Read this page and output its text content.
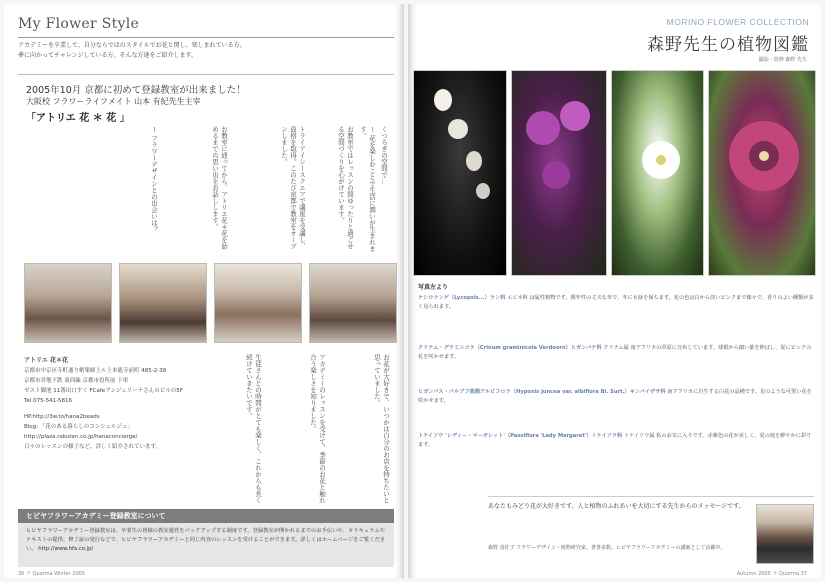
My Flower Style
アカデミーを卒業して、自分ならではのスタイルでお花と関し、楽しまれている方。
夢に向かってチャレンジしている方。そんな方達をご紹介します。
2005年10月 京都に初めて登録教室が出来ました！
大阪校 フラワーライフメイト 山本 有紀先生主宰
「アトリエ 花 ＊ 花 」
くつろぎの空間で…
ー 花を楽しむことで生活に潤いが生まれます。
お教室ではレッスンの間ゆったりと過ごせる空間づくりを心がけています。
トライアイシースクエアで講座を受講し、資格を取得。このたび京都で教室をオープンしました。
お教室に通ってから、アトリエ花＊花を始めるまでの思い出をお話しします。
ー フラワーデザインとの出会いは？
アトリエ 花＊花
京都市中京区寺町通り蛸薬師上ル上本能寺前町 485-2-38
京都市営地下鉄 東西線 京都市役所前 下車
ゼスト御池 11番出口すぐ FCafeアンジェリーナさんのビルの5F
Tel.075-541-5816
HP.http://3w.to/hana2beads
Blog: 「花のある暮らしのコンシェルジュ」
http://plaza.rakuten.co.jp/hanaconcierge/
日々のレッスンの様子など、詳しく紹介されています。	お花が大好きで、いつかは自分のお店を持ちたいと思っていました。
アカデミーのレッスンを受けて、季節のお花と触れ合う楽しさを知りました。
生徒さんとの時間がとても楽しく、これからも長く続けていきたいです。
ヒビヤフラワーアカデミー登録教室について
ヒビヤフラワーアカデミー登録教室は、卒業生の皆様の教室運営をバックアップする制度です。登録教室が開かれるまでのお手伝いや、カリキュラムやテキストの提供、修了証の発行などで、ヒビヤフラワーアカデミーと同じ内容のレッスンを受けることができます。詳しくはホームページをご覧ください。 http://www.hfa.co.jp/
36 ラ Quorma Winter 2005
MORINO FLOWER COLLECTION
森野先生の植物図鑑
撮影・監修 森野 先生
写真左より
ケシロランゲ（Lycopsis...）ラン科 エビネ科 は属性植物です。関年性の丈夫な草で、冬にも緑を保ちます。花の色は白から淡いピンクまで様々で、香りのよい種類が多く見られます。
クリナム・グラミニコラ（Crinum graminicola Verdoorn）ヒガンバナ科 クリナム属 南アフリカの草原に分布しています。球根から細い葉を伸ばし、夏にピンクの花を咲かせます。
ヒガンバス・バルブフ楽園アルビフロラ（Hypoxis juncea var. albiflora Bl. Surt.）キンバイザサ科 南アフリカに自生する白花の品種です。星のような可愛い花を咲かせます。
トケイソウ 'レディー・マーガレット'（Passiflora 'Lady Margaret'）トケイソウ科 トケイソウ属 私のお気に入りです。赤紫色の花が美しく、夏の庭を鮮やかに彩ります。
あなたもみどり花が大好きです。人と植物のふれあいを大切にする先生からのメッセージです。
森野 真佐子 フラワーデザイン・植物研究家。著書多数。ヒビヤフラワーアカデミーの講師として活躍中。
Autumn 2005 ラ Quorma 37
